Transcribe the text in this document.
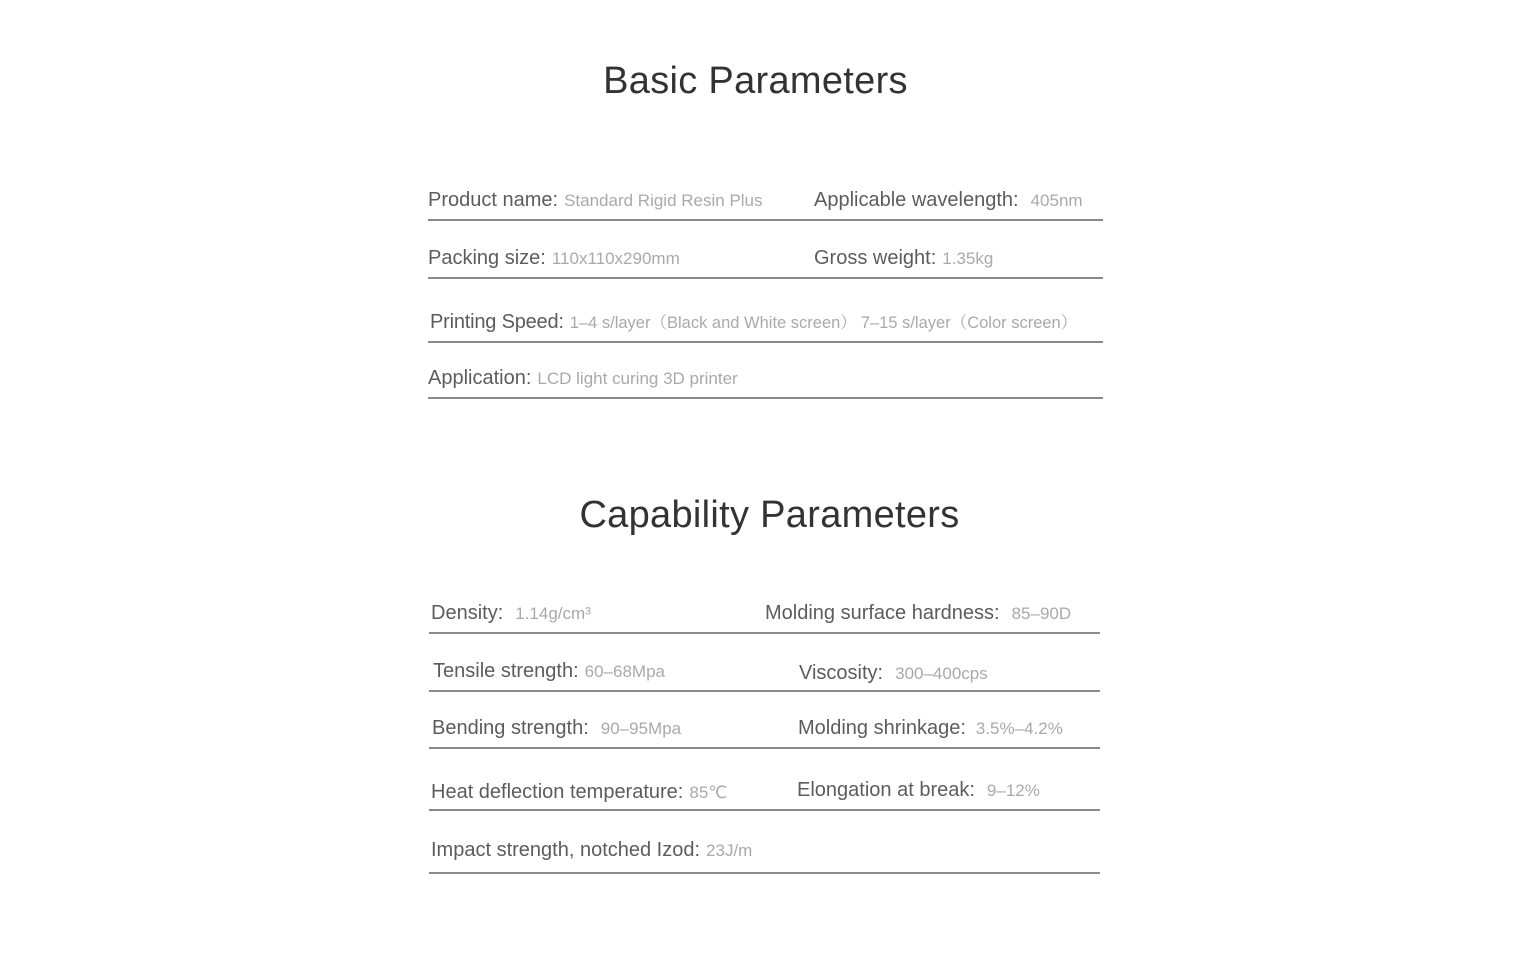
Basic Parameters
Product name: Standard Rigid Resin Plus	Applicable wavelength: 405nm
Packing size: 110x110x290mm	Gross weight: 1.35kg
Printing Speed: 1–4 s/layer（Black and White screen） 7–15 s/layer（Color screen）
Application: LCD light curing 3D printer
Capability Parameters
Density: 1.14g/cm³	Molding surface hardness: 85–90D
Tensile strength: 60–68Mpa	Viscosity: 300–400cps
Bending strength: 90–95Mpa	Molding shrinkage: 3.5%–4.2%
Heat deflection temperature: 85℃	Elongation at break: 9–12%
Impact strength, notched Izod: 23J/m
